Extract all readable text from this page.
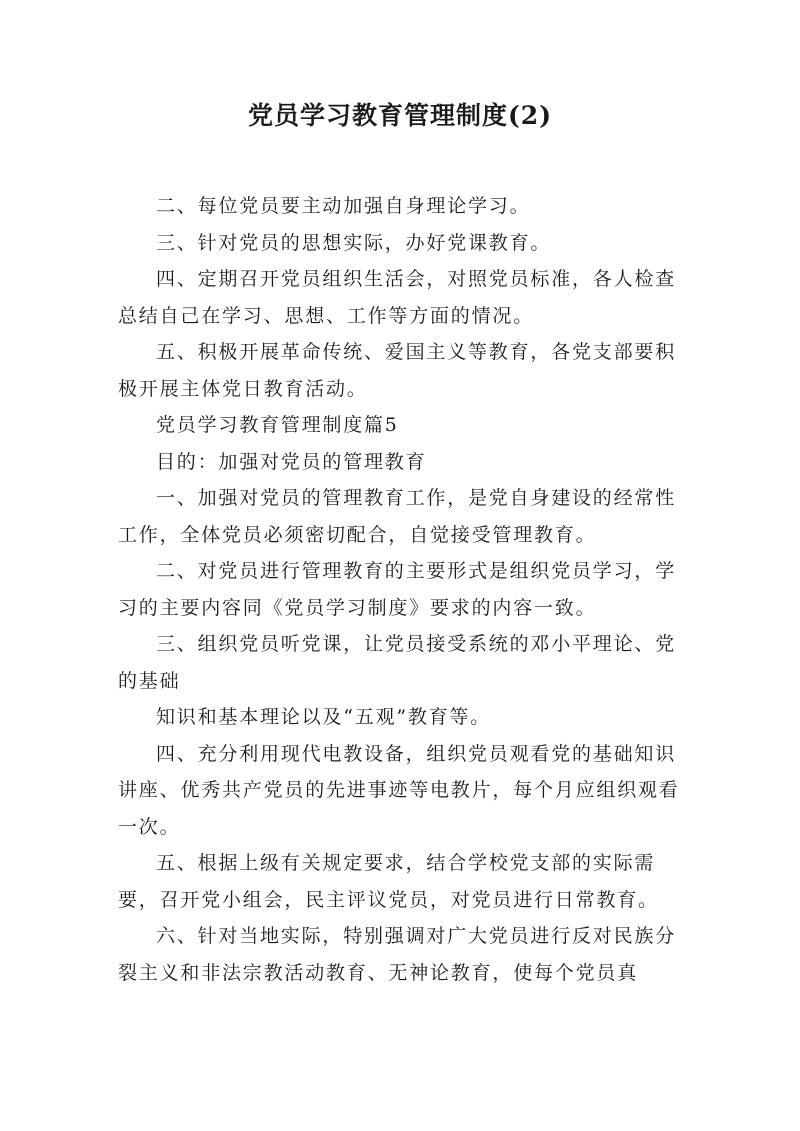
党员学习教育管理制度(2)

二、每位党员要主动加强自身理论学习。

三、针对党员的思想实际，办好党课教育。

四、定期召开党员组织生活会，对照党员标准，各人检查总结自己在学习、思想、工作等方面的情况。

五、积极开展革命传统、爱国主义等教育，各党支部要积极开展主体党日教育活动。

党员学习教育管理制度篇5

目的：加强对党员的管理教育

一、加强对党员的管理教育工作，是党自身建设的经常性工作，全体党员必须密切配合，自觉接受管理教育。

二、对党员进行管理教育的主要形式是组织党员学习，学习的主要内容同《党员学习制度》要求的内容一致。

三、组织党员听党课，让党员接受系统的邓小平理论、党的基础

知识和基本理论以及“五观”教育等。

四、充分利用现代电教设备，组织党员观看党的基础知识讲座、优秀共产党员的先进事迹等电教片，每个月应组织观看一次。

五、根据上级有关规定要求，结合学校党支部的实际需要，召开党小组会，民主评议党员，对党员进行日常教育。

六、针对当地实际，特别强调对广大党员进行反对民族分裂主义和非法宗教活动教育、无神论教育，使每个党员真
